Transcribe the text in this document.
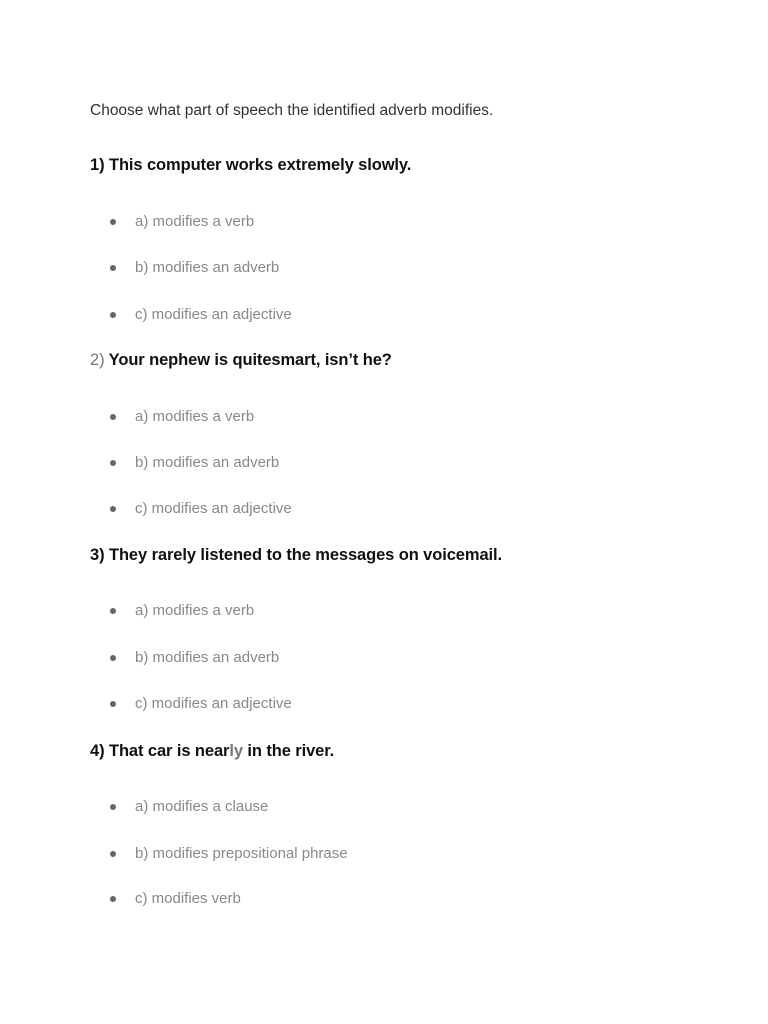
Choose what part of speech the identified adverb modifies.
1) This computer works extremely slowly.
a) modifies a verb
b) modifies an adverb
c) modifies an adjective
2) Your nephew is quitesmart, isn’t he?
a) modifies a verb
b) modifies an adverb
c) modifies an adjective
3) They rarely listened to the messages on voicemail.
a) modifies a verb
b) modifies an adverb
c) modifies an adjective
4) That car is nearly in the river.
a) modifies a clause
b) modifies prepositional phrase
c) modifies verb
